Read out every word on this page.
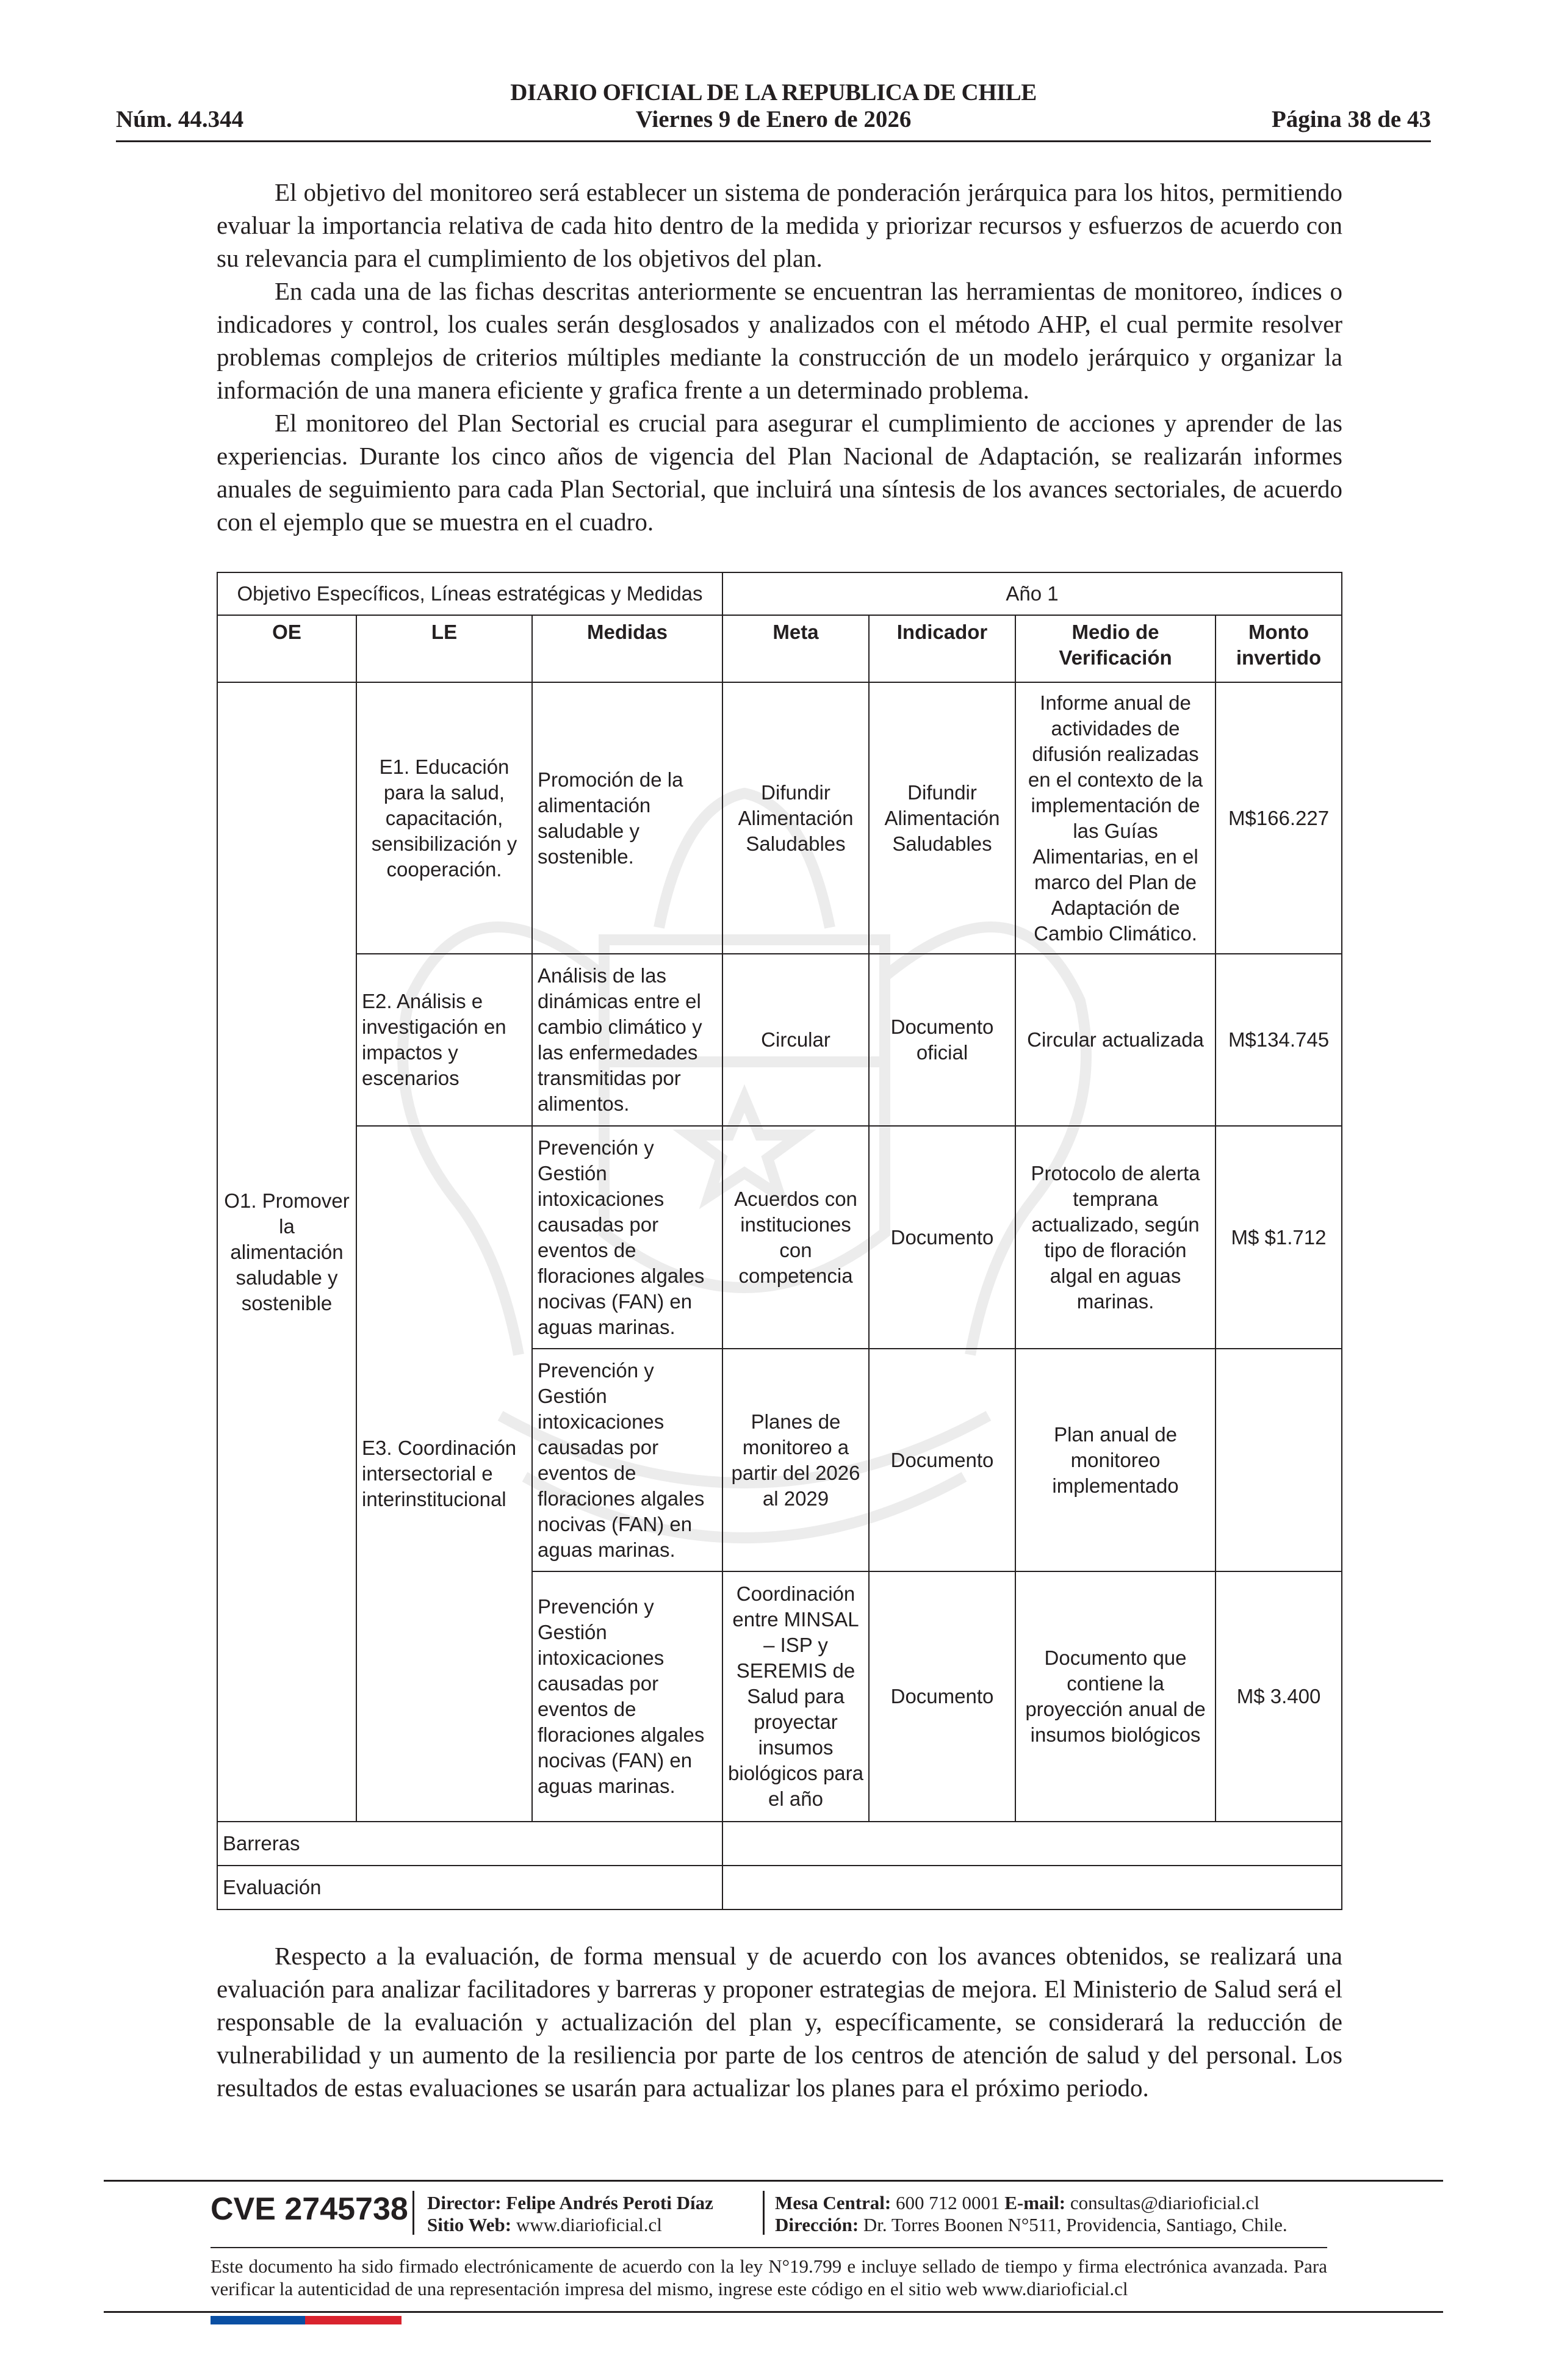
DIARIO OFICIAL DE LA REPUBLICA DE CHILE
Viernes 9 de Enero de 2026
Núm. 44.344	Página 38 de 43

El objetivo del monitoreo será establecer un sistema de ponderación jerárquica para los hitos, permitiendo evaluar la importancia relativa de cada hito dentro de la medida y priorizar recursos y esfuerzos de acuerdo con su relevancia para el cumplimiento de los objetivos del plan.

En cada una de las fichas descritas anteriormente se encuentran las herramientas de monitoreo, índices o indicadores y control, los cuales serán desglosados y analizados con el método AHP, el cual permite resolver problemas complejos de criterios múltiples mediante la construcción de un modelo jerárquico y organizar la información de una manera eficiente y grafica frente a un determinado problema.

El monitoreo del Plan Sectorial es crucial para asegurar el cumplimiento de acciones y aprender de las experiencias. Durante los cinco años de vigencia del Plan Nacional de Adaptación, se realizarán informes anuales de seguimiento para cada Plan Sectorial, que incluirá una síntesis de los avances sectoriales, de acuerdo con el ejemplo que se muestra en el cuadro.

Objetivo Específicos, Líneas estratégicas y Medidas			Año 1			
OE	LE	Medidas	Meta	Indicador	Medio de Verificación	Monto invertido
O1. Promover la alimentación saludable y sostenible	E1. Educación para la salud, capacitación, sensibilización y cooperación.	Promoción de la alimentación saludable y sostenible.	Difundir Alimentación Saludables	Difundir Alimentación Saludables	Informe anual de actividades de difusión realizadas en el contexto de la implementación de las Guías Alimentarias, en el marco del Plan de Adaptación de Cambio Climático.	M$166.227
	E2. Análisis e investigación en impactos y escenarios	Análisis de las dinámicas entre el cambio climático y las enfermedades transmitidas por alimentos.	Circular	Documento oficial	Circular actualizada	M$134.745
	E3. Coordinación intersectorial e interinstitucional	Prevención y Gestión intoxicaciones causadas por eventos de floraciones algales nocivas (FAN) en aguas marinas.	Acuerdos con instituciones con competencia	Documento	Protocolo de alerta temprana actualizado, según tipo de floración algal en aguas marinas.	M$ $1.712
		Prevención y Gestión intoxicaciones causadas por eventos de floraciones algales nocivas (FAN) en aguas marinas.	Planes de monitoreo a partir del 2026 al 2029	Documento	Plan anual de monitoreo implementado	
		Prevención y Gestión intoxicaciones causadas por eventos de floraciones algales nocivas (FAN) en aguas marinas.	Coordinación entre MINSAL – ISP y SEREMIS de Salud para proyectar insumos biológicos para el año	Documento	Documento que contiene la proyección anual de insumos biológicos	M$ 3.400
Barreras						
Evaluación						

Respecto a la evaluación, de forma mensual y de acuerdo con los avances obtenidos, se realizará una evaluación para analizar facilitadores y barreras y proponer estrategias de mejora. El Ministerio de Salud será el responsable de la evaluación y actualización del plan y, específicamente, se considerará la reducción de vulnerabilidad y un aumento de la resiliencia por parte de los centros de atención de salud y del personal. Los resultados de estas evaluaciones se usarán para actualizar los planes para el próximo periodo.

CVE 2745738 Director: Felipe Andrés Peroti Díaz
Sitio Web: www.diarioficial.cl
Mesa Central: 600 712 0001 E-mail: consultas@diarioficial.cl
Dirección: Dr. Torres Boonen N°511, Providencia, Santiago, Chile.
Este documento ha sido firmado electrónicamente de acuerdo con la ley N°19.799 e incluye sellado de tiempo y firma electrónica avanzada. Para verificar la autenticidad de una representación impresa del mismo, ingrese este código en el sitio web www.diarioficial.cl
